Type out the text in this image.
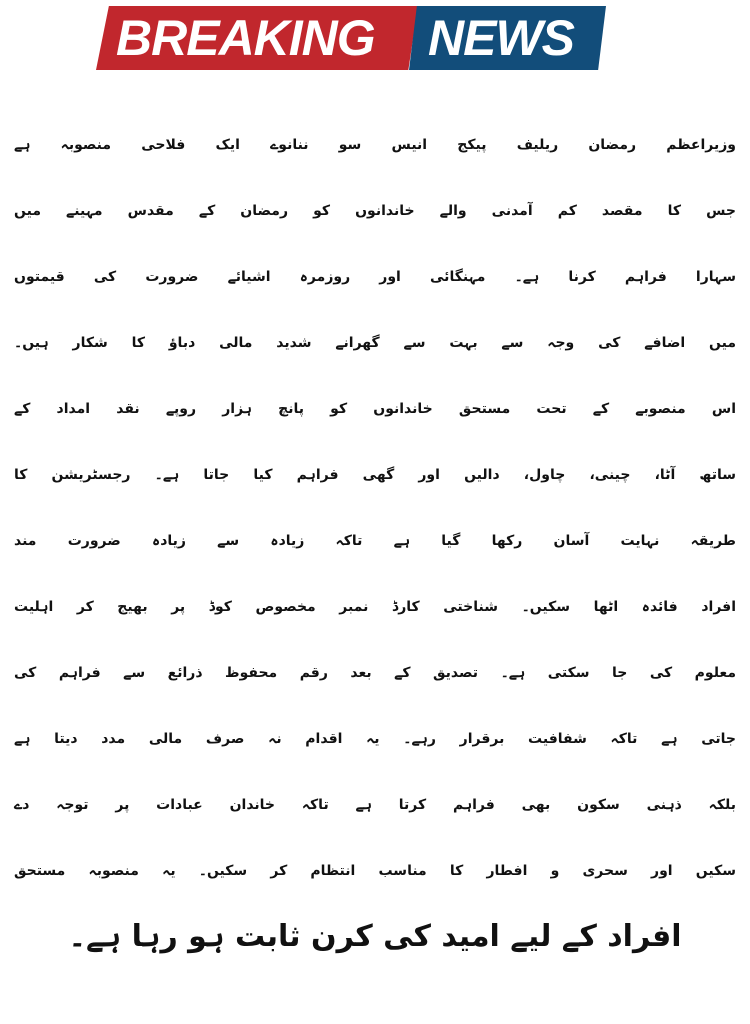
BREAKING NEWS
وزیراعظم رمضان ریلیف پیکج انیس سو ننانوے ایک فلاحی منصوبہ ہے
جس کا مقصد کم آمدنی والے خاندانوں کو رمضان کے مقدس مہینے میں
سہارا فراہم کرنا ہے۔ مہنگائی اور روزمرہ اشیائے ضرورت کی قیمتوں
میں اضافے کی وجہ سے بہت سے گھرانے شدید مالی دباؤ کا شکار ہیں۔
اس منصوبے کے تحت مستحق خاندانوں کو پانچ ہزار روپے نقد امداد کے
ساتھ آٹا، چینی، چاول، دالیں اور گھی فراہم کیا جاتا ہے۔ رجسٹریشن کا
طریقہ نہایت آسان رکھا گیا ہے تاکہ زیادہ سے زیادہ ضرورت مند
افراد فائدہ اٹھا سکیں۔ شناختی کارڈ نمبر مخصوص کوڈ پر بھیج کر اہلیت
معلوم کی جا سکتی ہے۔ تصدیق کے بعد رقم محفوظ ذرائع سے فراہم کی
جاتی ہے تاکہ شفافیت برقرار رہے۔ یہ اقدام نہ صرف مالی مدد دیتا ہے
بلکہ ذہنی سکون بھی فراہم کرتا ہے تاکہ خاندان عبادات پر توجہ دے
سکیں اور سحری و افطار کا مناسب انتظام کر سکیں۔ یہ منصوبہ مستحق
افراد کے لیے امید کی کرن ثابت ہو رہا ہے۔
